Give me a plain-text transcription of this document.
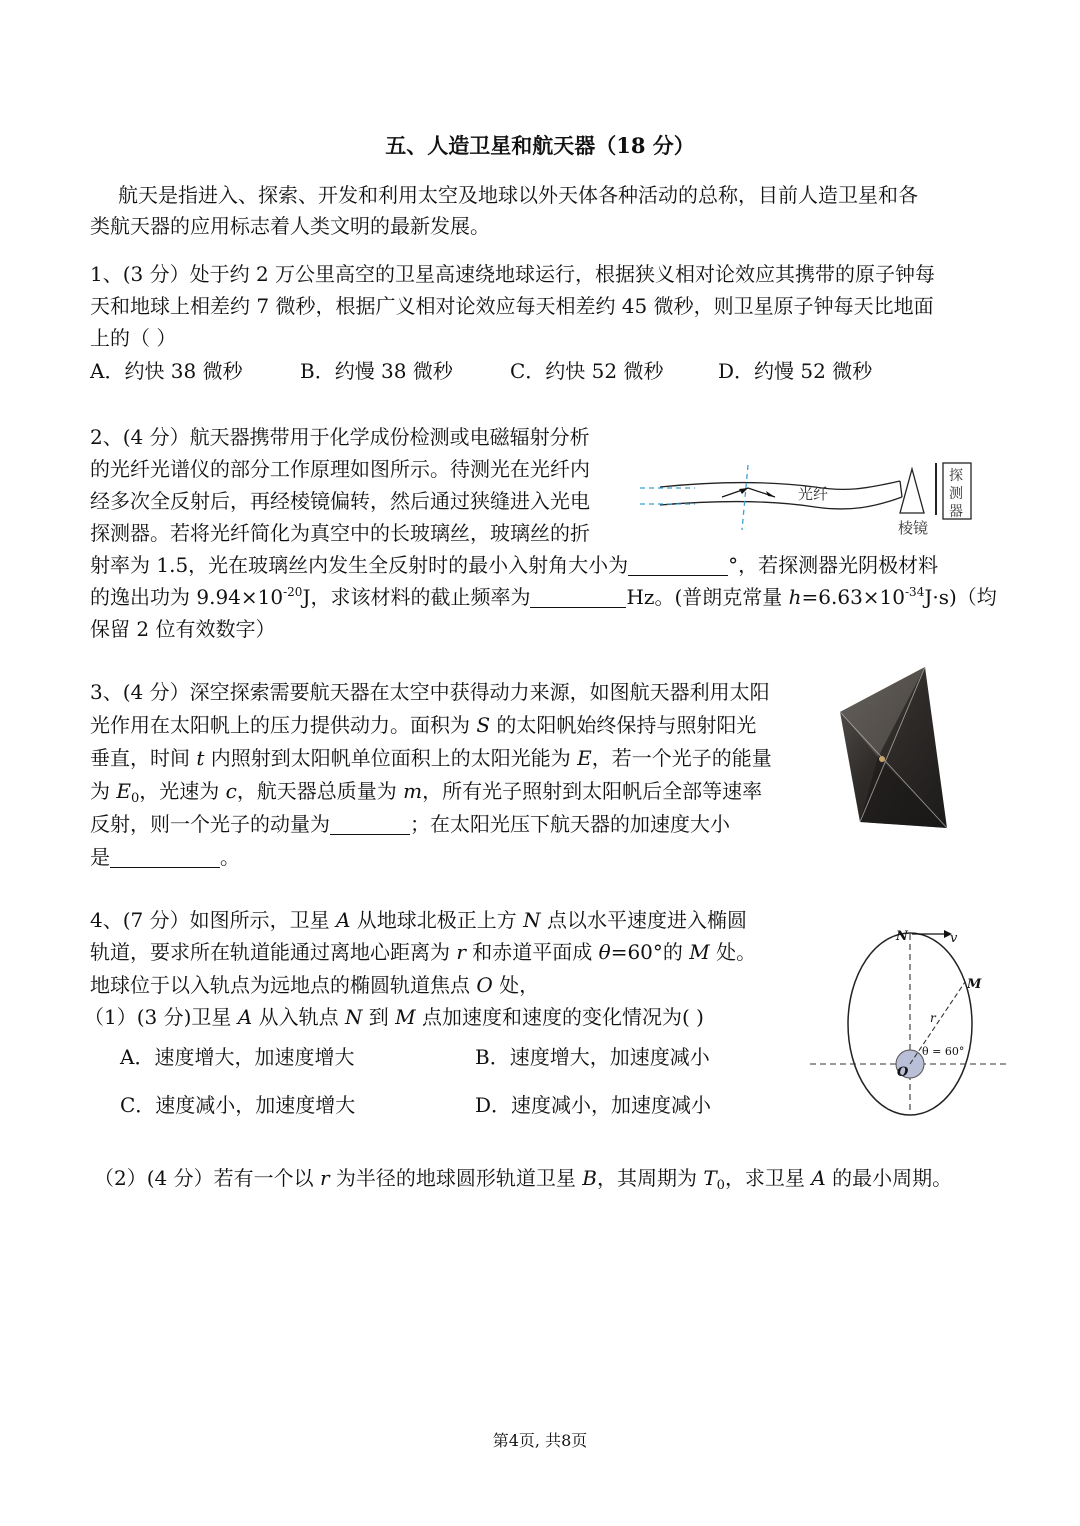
五、人造卫星和航天器（18 分）
航天是指进入、探索、开发和利用太空及地球以外天体各种活动的总称，目前人造卫星和各
类航天器的应用标志着人类文明的最新发展。
1、(3 分）处于约 2 万公里高空的卫星高速绕地球运行，根据狭义相对论效应其携带的原子钟每
天和地球上相差约 7 微秒，根据广义相对论效应每天相差约 45 微秒，则卫星原子钟每天比地面
上的（ ）
A．约快 38 微秒	B．约慢 38 微秒	C．约快 52 微秒	D．约慢 52 微秒
2、(4 分）航天器携带用于化学成份检测或电磁辐射分析
的光纤光谱仪的部分工作原理如图所示。待测光在光纤内
经多次全反射后，再经棱镜偏转，然后通过狭缝进入光电
探测器。若将光纤简化为真空中的长玻璃丝，玻璃丝的折
射率为 1.5，光在玻璃丝内发生全反射时的最小入射角大小为	°，若探测器光阴极材料
的逸出功为 $9.94\times 10^{-20}J$，求该材料的截止频率为	Hz。(普朗克常量 $h=6.63\times 10^{-34}J\cdot s$)（均
保留 2 位有效数字）
光纤
棱镜
探
测
器
3、(4 分）深空探索需要航天器在太空中获得动力来源，如图航天器利用太阳
光作用在太阳帆上的压力提供动力。面积为 S 的太阳帆始终保持与照射阳光
垂直，时间 t 内照射到太阳帆单位面积上的太阳光能为 E，若一个光子的能量
为 $E_0$，光速为 c，航天器总质量为 m，所有光子照射到太阳帆后全部等速率
反射，则一个光子的动量为	；在太阳光压下航天器的加速度大小
是	。
4、(7 分）如图所示，卫星 A 从地球北极正上方 N 点以水平速度进入椭圆
轨道，要求所在轨道能通过离地心距离为 r 和赤道平面成 θ=60°的 M 处。
地球位于以入轨点为远地点的椭圆轨道焦点 O 处，
（1）(3 分)卫星 A 从入轨点 N 到 M 点加速度和速度的变化情况为( )
A．速度增大，加速度增大	B．速度增大，加速度减小
C．速度减小，加速度增大	D．速度减小，加速度减小
（2）(4 分）若有一个以 r 为半径的地球圆形轨道卫星 B，其周期为 $T_0$，求卫星 A 的最小周期。
N	v
M
r
θ = 60°
O
第4页, 共8页
